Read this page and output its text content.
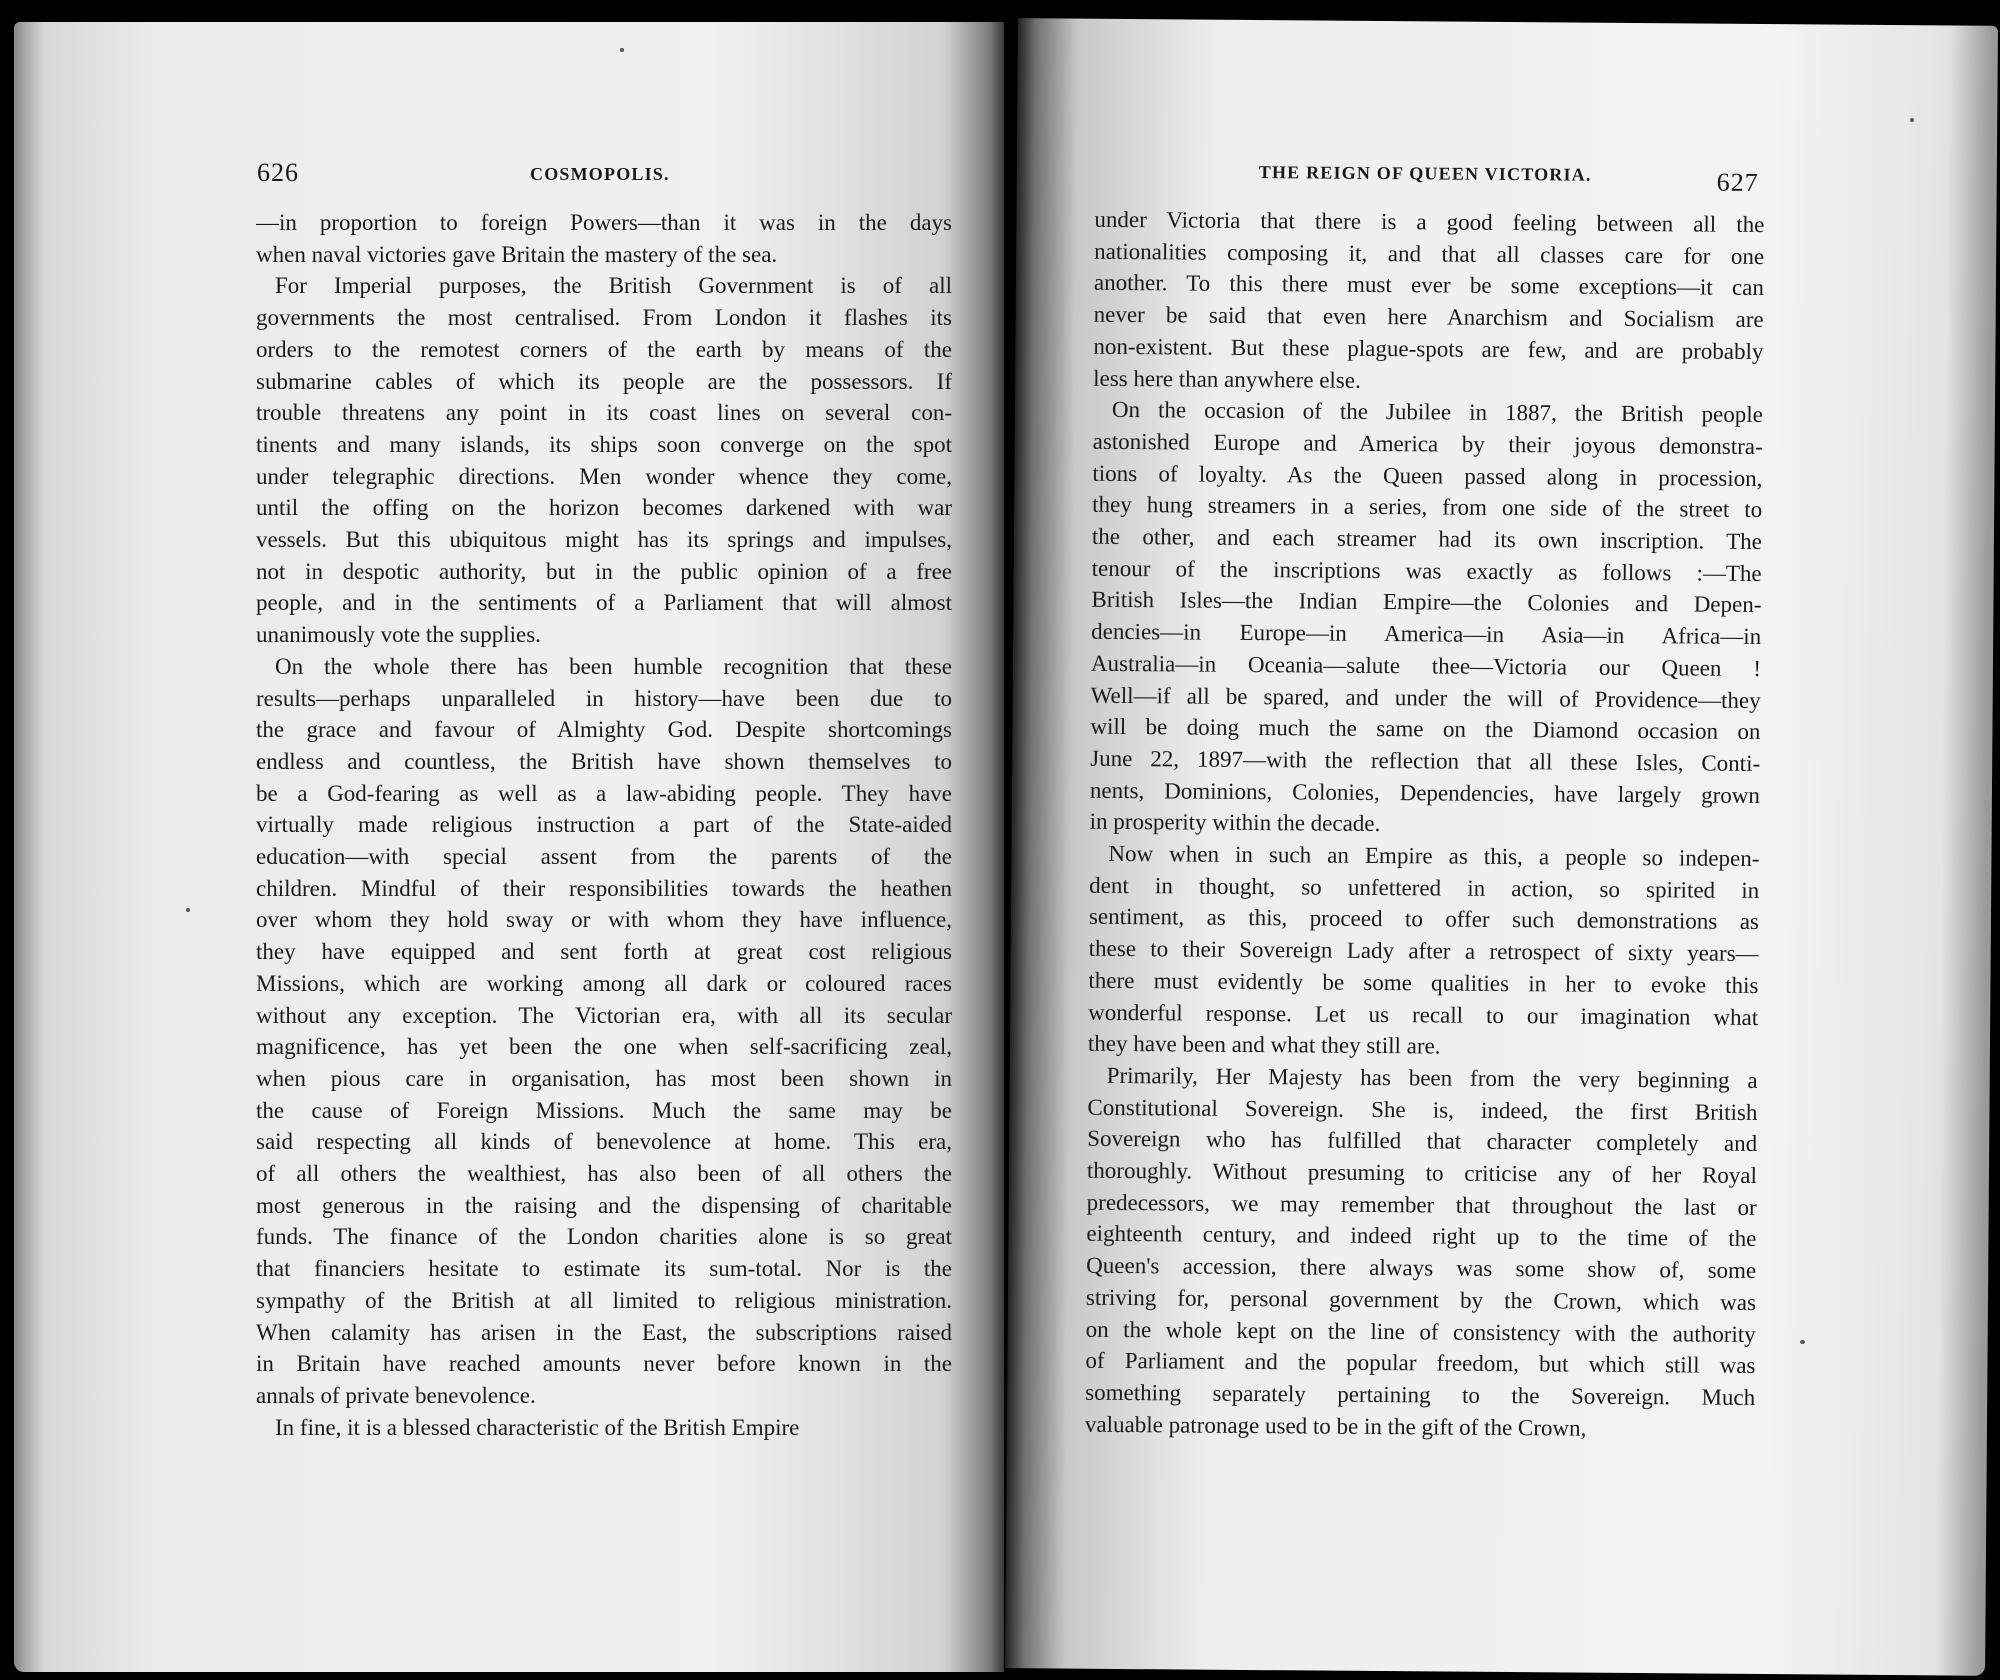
626	COSMOPOLIS.
—in proportion to foreign Powers—than it was in the days
when naval victories gave Britain the mastery of the sea.
For Imperial purposes, the British Government is of all
governments the most centralised. From London it flashes its
orders to the remotest corners of the earth by means of the
submarine cables of which its people are the possessors. If
trouble threatens any point in its coast lines on several con-
tinents and many islands, its ships soon converge on the spot
under telegraphic directions. Men wonder whence they come,
until the offing on the horizon becomes darkened with war
vessels. But this ubiquitous might has its springs and impulses,
not in despotic authority, but in the public opinion of a free
people, and in the sentiments of a Parliament that will almost
unanimously vote the supplies.
On the whole there has been humble recognition that these
results—perhaps unparalleled in history—have been due to
the grace and favour of Almighty God. Despite shortcomings
endless and countless, the British have shown themselves to
be a God-fearing as well as a law-abiding people. They have
virtually made religious instruction a part of the State-aided
education—with special assent from the parents of the
children. Mindful of their responsibilities towards the heathen
over whom they hold sway or with whom they have influence,
they have equipped and sent forth at great cost religious
Missions, which are working among all dark or coloured races
without any exception. The Victorian era, with all its secular
magnificence, has yet been the one when self-sacrificing zeal,
when pious care in organisation, has most been shown in
the cause of Foreign Missions. Much the same may be
said respecting all kinds of benevolence at home. This era,
of all others the wealthiest, has also been of all others the
most generous in the raising and the dispensing of charitable
funds. The finance of the London charities alone is so great
that financiers hesitate to estimate its sum-total. Nor is the
sympathy of the British at all limited to religious ministration.
When calamity has arisen in the East, the subscriptions raised
in Britain have reached amounts never before known in the
annals of private benevolence.
In fine, it is a blessed characteristic of the British Empire
THE REIGN OF QUEEN VICTORIA.	627
under Victoria that there is a good feeling between all the
nationalities composing it, and that all classes care for one
another. To this there must ever be some exceptions—it can
never be said that even here Anarchism and Socialism are
non-existent. But these plague-spots are few, and are probably
less here than anywhere else.
On the occasion of the Jubilee in 1887, the British people
astonished Europe and America by their joyous demonstra-
tions of loyalty. As the Queen passed along in procession,
they hung streamers in a series, from one side of the street to
the other, and each streamer had its own inscription. The
tenour of the inscriptions was exactly as follows :—The
British Isles—the Indian Empire—the Colonies and Depen-
dencies—in Europe—in America—in Asia—in Africa—in
Australia—in Oceania—salute thee—Victoria our Queen !
Well—if all be spared, and under the will of Providence—they
will be doing much the same on the Diamond occasion on
June 22, 1897—with the reflection that all these Isles, Conti-
nents, Dominions, Colonies, Dependencies, have largely grown
in prosperity within the decade.
Now when in such an Empire as this, a people so indepen-
dent in thought, so unfettered in action, so spirited in
sentiment, as this, proceed to offer such demonstrations as
these to their Sovereign Lady after a retrospect of sixty years—
there must evidently be some qualities in her to evoke this
wonderful response. Let us recall to our imagination what
they have been and what they still are.
Primarily, Her Majesty has been from the very beginning a
Constitutional Sovereign. She is, indeed, the first British
Sovereign who has fulfilled that character completely and
thoroughly. Without presuming to criticise any of her Royal
predecessors, we may remember that throughout the last or
eighteenth century, and indeed right up to the time of the
Queen's accession, there always was some show of, some
striving for, personal government by the Crown, which was
on the whole kept on the line of consistency with the authority
of Parliament and the popular freedom, but which still was
something separately pertaining to the Sovereign. Much
valuable patronage used to be in the gift of the Crown,
